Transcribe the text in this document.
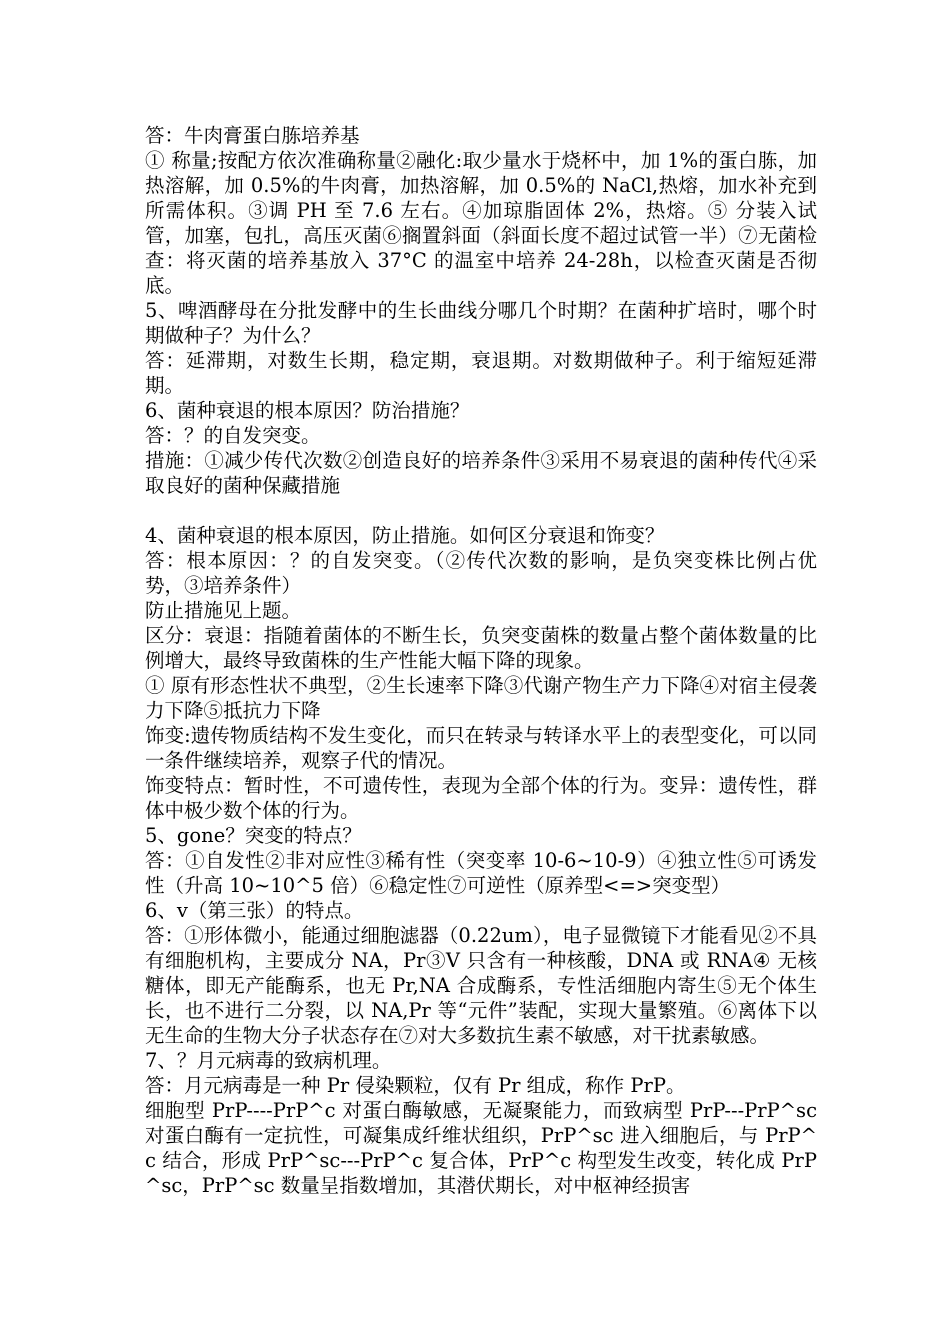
答：牛肉膏蛋白胨培养基

① 称量;按配方依次准确称量②融化:取少量水于烧杯中，加 1%的蛋白胨，加热溶解，加 0.5%的牛肉膏，加热溶解，加 0.5%的 NaCl,热熔，加水补充到所需体积。③调 PH 至 7.6 左右。④加琼脂固体 2%，热熔。⑤ 分装入试管，加塞，包扎，高压灭菌⑥搁置斜面（斜面长度不超过试管一半）⑦无菌检查：将灭菌的培养基放入 37°C 的温室中培养 24-28h，以检查灭菌是否彻底。

5、啤酒酵母在分批发酵中的生长曲线分哪几个时期？在菌种扩培时，哪个时期做种子？为什么？

答：延滞期，对数生长期，稳定期，衰退期。对数期做种子。利于缩短延滞期。

6、菌种衰退的根本原因？防治措施？

答：？的自发突变。

措施：①减少传代次数②创造良好的培养条件③采用不易衰退的菌种传代④采取良好的菌种保藏措施

4、菌种衰退的根本原因，防止措施。如何区分衰退和饰变？

答：根本原因：？的自发突变。（②传代次数的影响，是负突变株比例占优势，③培养条件）

防止措施见上题。

区分：衰退：指随着菌体的不断生长，负突变菌株的数量占整个菌体数量的比例增大，最终导致菌株的生产性能大幅下降的现象。

① 原有形态性状不典型，②生长速率下降③代谢产物生产力下降④对宿主侵袭力下降⑤抵抗力下降

饰变:遗传物质结构不发生变化，而只在转录与转译水平上的表型变化，可以同一条件继续培养，观察子代的情况。

饰变特点：暂时性，不可遗传性，表现为全部个体的行为。变异：遗传性，群体中极少数个体的行为。

5、gone？突变的特点？

答：①自发性②非对应性③稀有性（突变率 10-6~10-9）④独立性⑤可诱发性（升高 10~10^5 倍）⑥稳定性⑦可逆性（原养型<=>突变型）

6、v（第三张）的特点。

答：①形体微小，能通过细胞滤器（0.22um），电子显微镜下才能看见②不具有细胞机构，主要成分 NA，Pr③V 只含有一种核酸，DNA 或 RNA④ 无核糖体，即无产能酶系，也无 Pr,NA 合成酶系，专性活细胞内寄生⑤无个体生长，也不进行二分裂，以 NA,Pr 等“元件”装配，实现大量繁殖。⑥离体下以无生命的生物大分子状态存在⑦对大多数抗生素不敏感，对干扰素敏感。

7、？月元病毒的致病机理。

答：月元病毒是一种 Pr 侵染颗粒，仅有 Pr 组成，称作 PrP。

细胞型 PrP----PrP^c 对蛋白酶敏感，无凝聚能力，而致病型 PrP---PrP^sc 对蛋白酶有一定抗性，可凝集成纤维状组织，PrP^sc 进入细胞后，与 PrP^c 结合，形成 PrP^sc---PrP^c 复合体，PrP^c 构型发生改变，转化成 PrP^sc，PrP^sc 数量呈指数增加，其潜伏期长，对中枢神经损害
